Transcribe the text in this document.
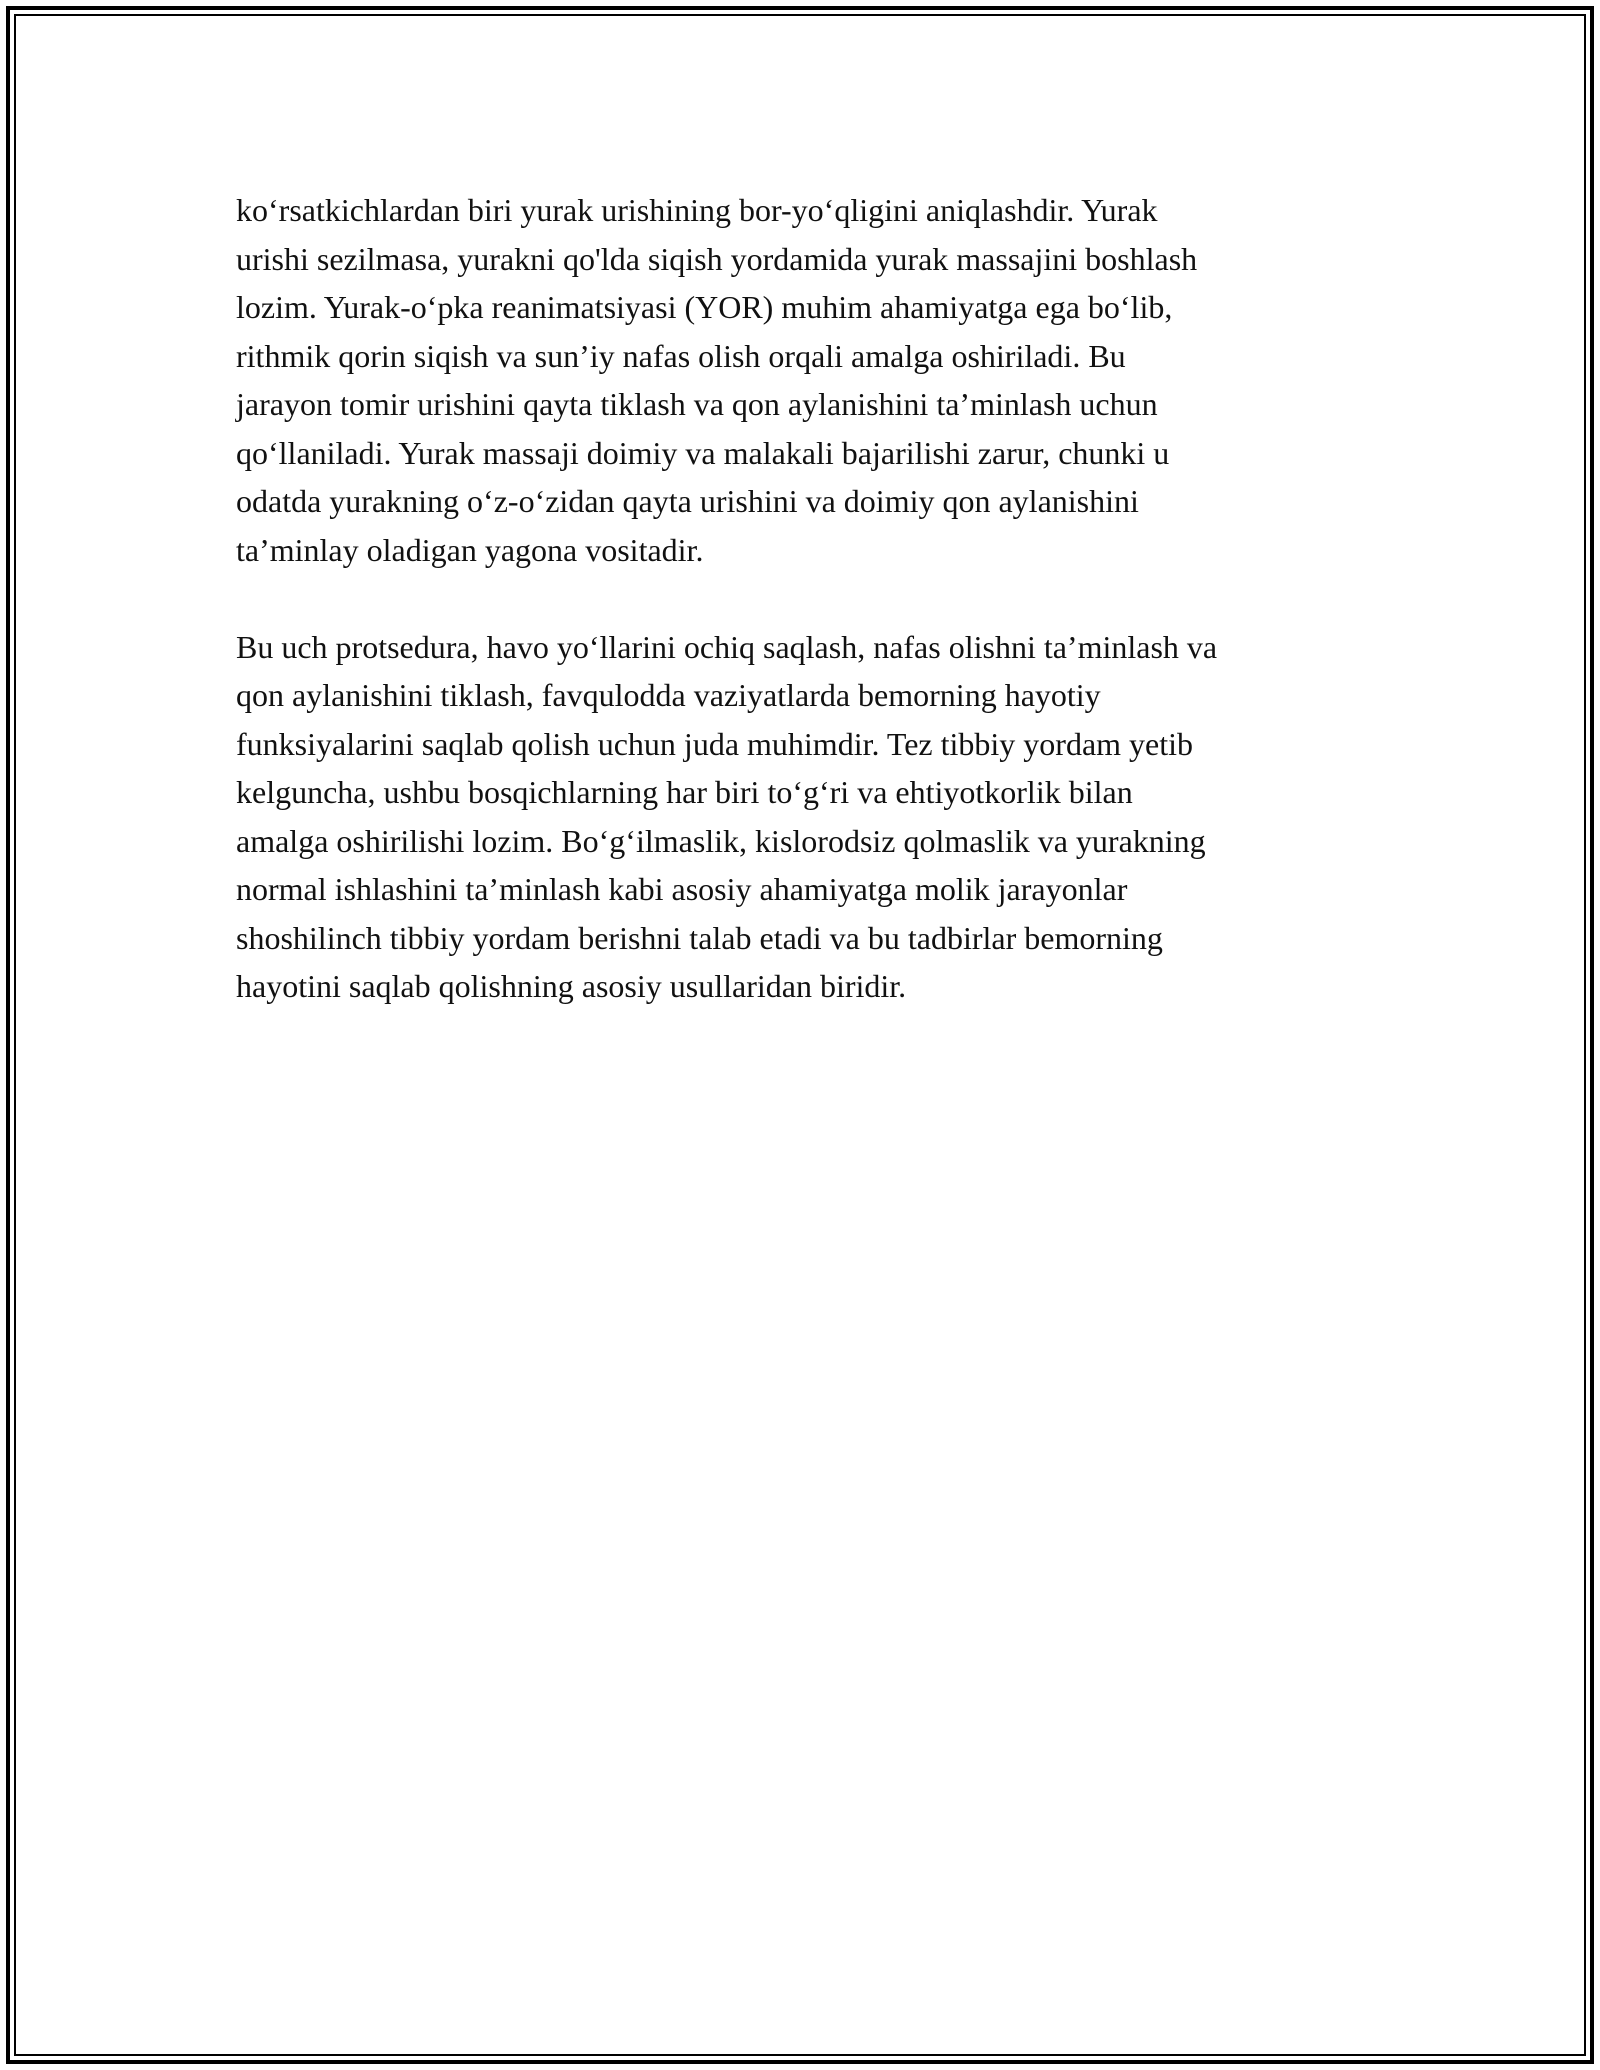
ko‘rsatkichlardan biri yurak urishining bor-yo‘qligini aniqlashdir. Yurak
urishi sezilmasa, yurakni qo'lda siqish yordamida yurak massajini boshlash
lozim. Yurak-o‘pka reanimatsiyasi (YOR) muhim ahamiyatga ega bo‘lib,
rithmik qorin siqish va sun’iy nafas olish orqali amalga oshiriladi. Bu
jarayon tomir urishini qayta tiklash va qon aylanishini ta’minlash uchun
qo‘llaniladi. Yurak massaji doimiy va malakali bajarilishi zarur, chunki u
odatda yurakning o‘z-o‘zidan qayta urishini va doimiy qon aylanishini
ta’minlay oladigan yagona vositadir.

Bu uch protsedura, havo yo‘llarini ochiq saqlash, nafas olishni ta’minlash va
qon aylanishini tiklash, favqulodda vaziyatlarda bemorning hayotiy
funksiyalarini saqlab qolish uchun juda muhimdir. Tez tibbiy yordam yetib
kelguncha, ushbu bosqichlarning har biri to‘g‘ri va ehtiyotkorlik bilan
amalga oshirilishi lozim. Bo‘g‘ilmaslik, kislorodsiz qolmaslik va yurakning
normal ishlashini ta’minlash kabi asosiy ahamiyatga molik jarayonlar
shoshilinch tibbiy yordam berishni talab etadi va bu tadbirlar bemorning
hayotini saqlab qolishning asosiy usullaridan biridir.
